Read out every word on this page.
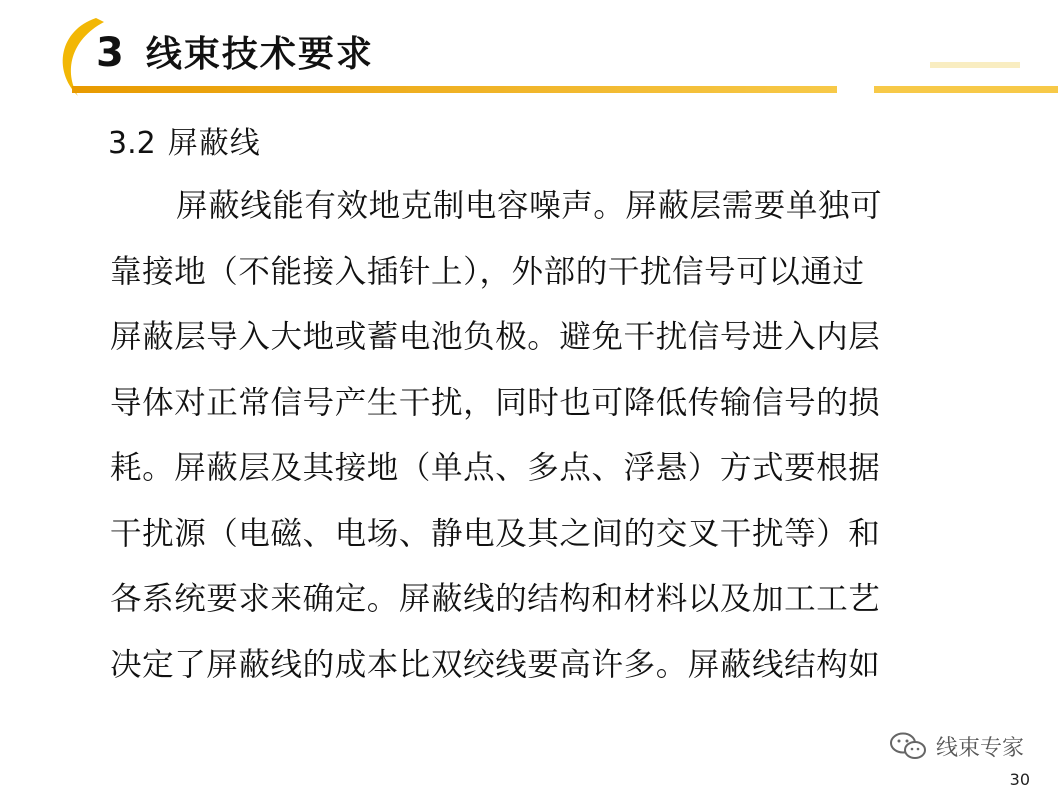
3 线束技术要求
3.2 屏蔽线
屏蔽线能有效地克制电容噪声。屏蔽层需要单独可
靠接地（不能接入插针上），外部的干扰信号可以通过
屏蔽层导入大地或蓄电池负极。避免干扰信号进入内层
导体对正常信号产生干扰，同时也可降低传输信号的损
耗。屏蔽层及其接地（单点、多点、浮悬）方式要根据
干扰源（电磁、电场、静电及其之间的交叉干扰等）和
各系统要求来确定。屏蔽线的结构和材料以及加工工艺
决定了屏蔽线的成本比双绞线要高许多。屏蔽线结构如
线束专家
30
